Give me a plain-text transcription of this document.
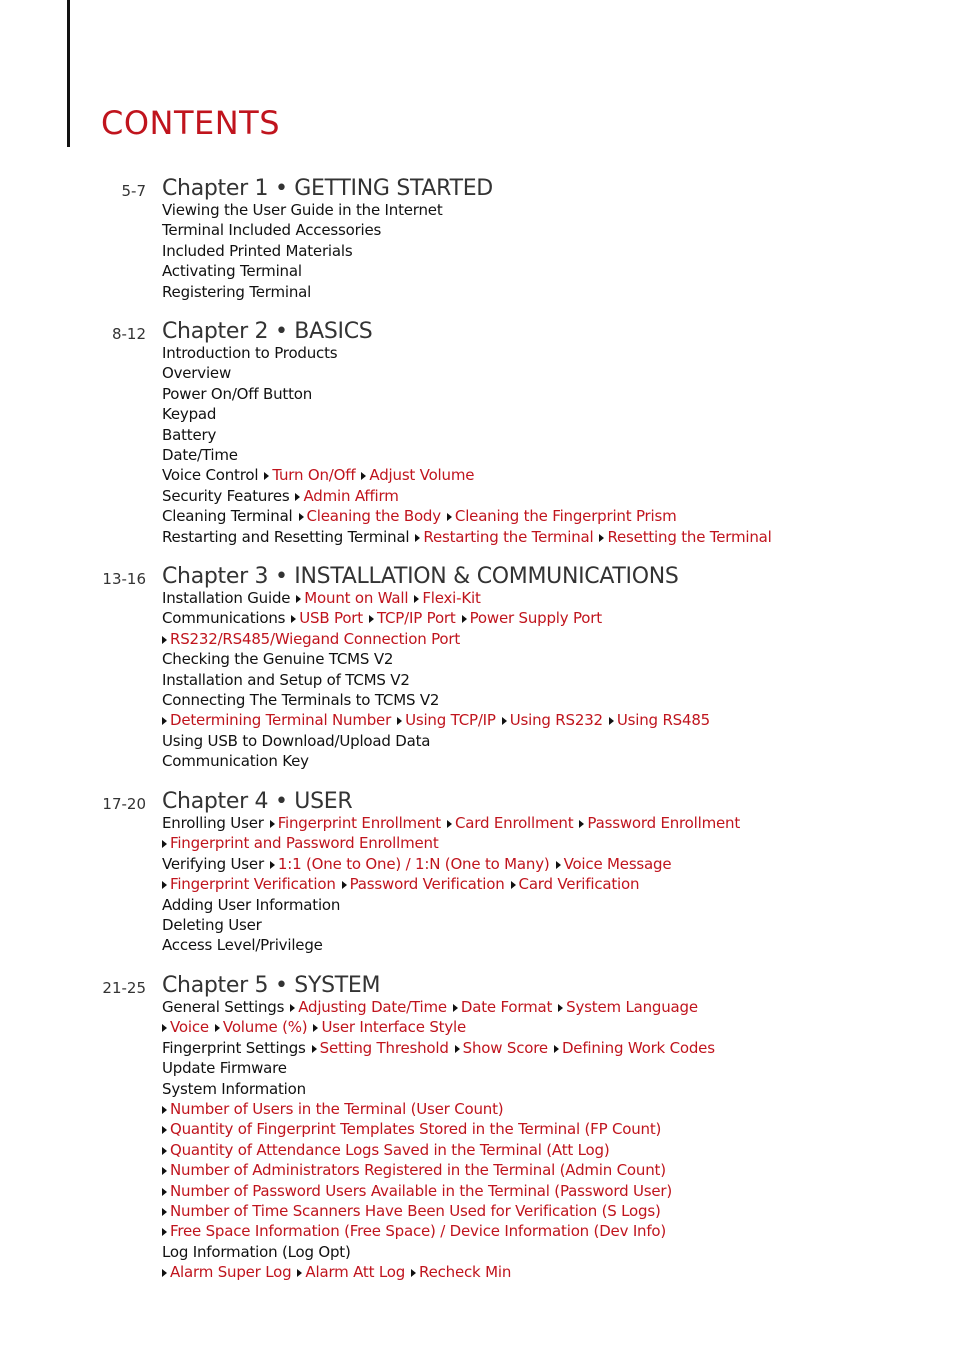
CONTENTS
5-7 Chapter 1 • GETTING STARTED
Viewing the User Guide in the Internet
Terminal Included Accessories
Included Printed Materials
Activating Terminal
Registering Terminal
8-12 Chapter 2 • BASICS
Introduction to Products
Overview
Power On/Off Button
Keypad
Battery
Date/Time
Voice Control Turn On/Off Adjust Volume
Security Features Admin Affirm
Cleaning Terminal Cleaning the Body Cleaning the Fingerprint Prism
Restarting and Resetting Terminal Restarting the Terminal Resetting the Terminal
13-16 Chapter 3 • INSTALLATION & COMMUNICATIONS
Installation Guide Mount on Wall Flexi-Kit
Communications USB Port TCP/IP Port Power Supply Port
RS232/RS485/Wiegand Connection Port
Checking the Genuine TCMS V2
Installation and Setup of TCMS V2
Connecting The Terminals to TCMS V2
Determining Terminal Number Using TCP/IP Using RS232 Using RS485
Using USB to Download/Upload Data
Communication Key
17-20 Chapter 4 • USER
Enrolling User Fingerprint Enrollment Card Enrollment Password Enrollment
Fingerprint and Password Enrollment
Verifying User 1:1 (One to One) / 1:N (One to Many) Voice Message
Fingerprint Verification Password Verification Card Verification
Adding User Information
Deleting User
Access Level/Privilege
21-25 Chapter 5 • SYSTEM
General Settings Adjusting Date/Time Date Format System Language
Voice Volume (%) User Interface Style
Fingerprint Settings Setting Threshold Show Score Defining Work Codes
Update Firmware
System Information
Number of Users in the Terminal (User Count)
Quantity of Fingerprint Templates Stored in the Terminal (FP Count)
Quantity of Attendance Logs Saved in the Terminal (Att Log)
Number of Administrators Registered in the Terminal (Admin Count)
Number of Password Users Available in the Terminal (Password User)
Number of Time Scanners Have Been Used for Verification (S Logs)
Free Space Information (Free Space) / Device Information (Dev Info)
Log Information (Log Opt)
Alarm Super Log Alarm Att Log Recheck Min
